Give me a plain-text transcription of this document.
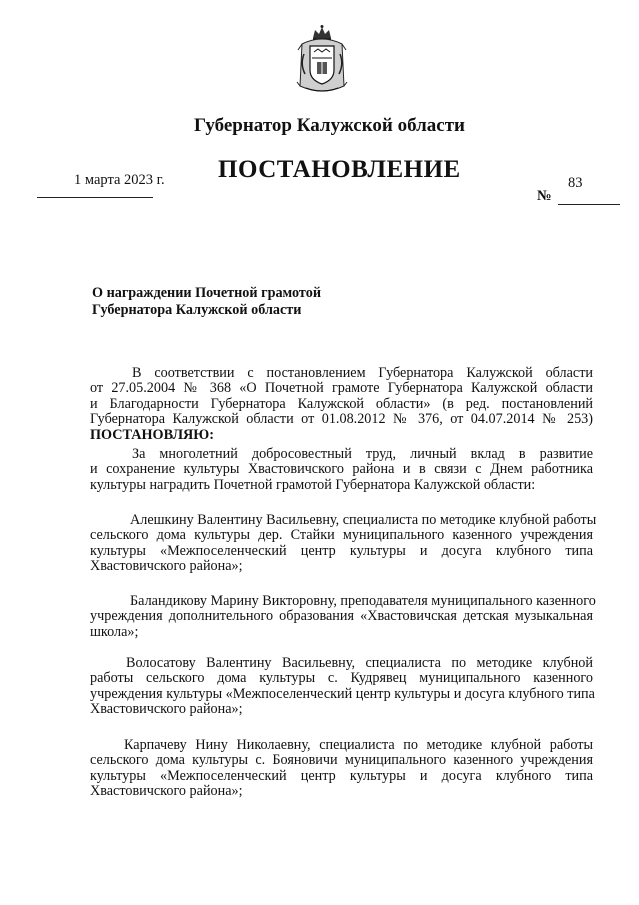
Губернатор Калужской области
1 марта 2023 г. ПОСТАНОВЛЕНИЕ	83
№
О награждении Почетной грамотой
Губернатора Калужской области
В соответствии с постановлением Губернатора Калужской области
от 27.05.2004 № 368 «О Почетной грамоте Губернатора Калужской области
и Благодарности Губернатора Калужской области» (в ред. постановлений
Губернатора Калужской области от 01.08.2012 № 376, от 04.07.2014 № 253)
ПОСТАНОВЛЯЮ:
За многолетний добросовестный труд, личный вклад в развитие
и сохранение культуры Хвастовичского района и в связи с Днем работника
культуры наградить Почетной грамотой Губернатора Калужской области:
Алешкину Валентину Васильевну, специалиста по методике клубной работы
сельского дома культуры дер. Стайки муниципального казенного учреждения
культуры «Межпоселенческий центр культуры и досуга клубного типа
Хвастовичского района»;
Баландикову Марину Викторовну, преподавателя муниципального казенного
учреждения дополнительного образования «Хвастовичская детская музыкальная
школа»;
Волосатову Валентину Васильевну, специалиста по методике клубной
работы сельского дома культуры с. Кудрявец муниципального казенного
учреждения культуры «Межпоселенческий центр культуры и досуга клубного типа
Хвастовичского района»;
Карпачеву Нину Николаевну, специалиста по методике клубной работы
сельского дома культуры с. Бояновичи муниципального казенного учреждения
культуры «Межпоселенческий центр культуры и досуга клубного типа
Хвастовичского района»;
